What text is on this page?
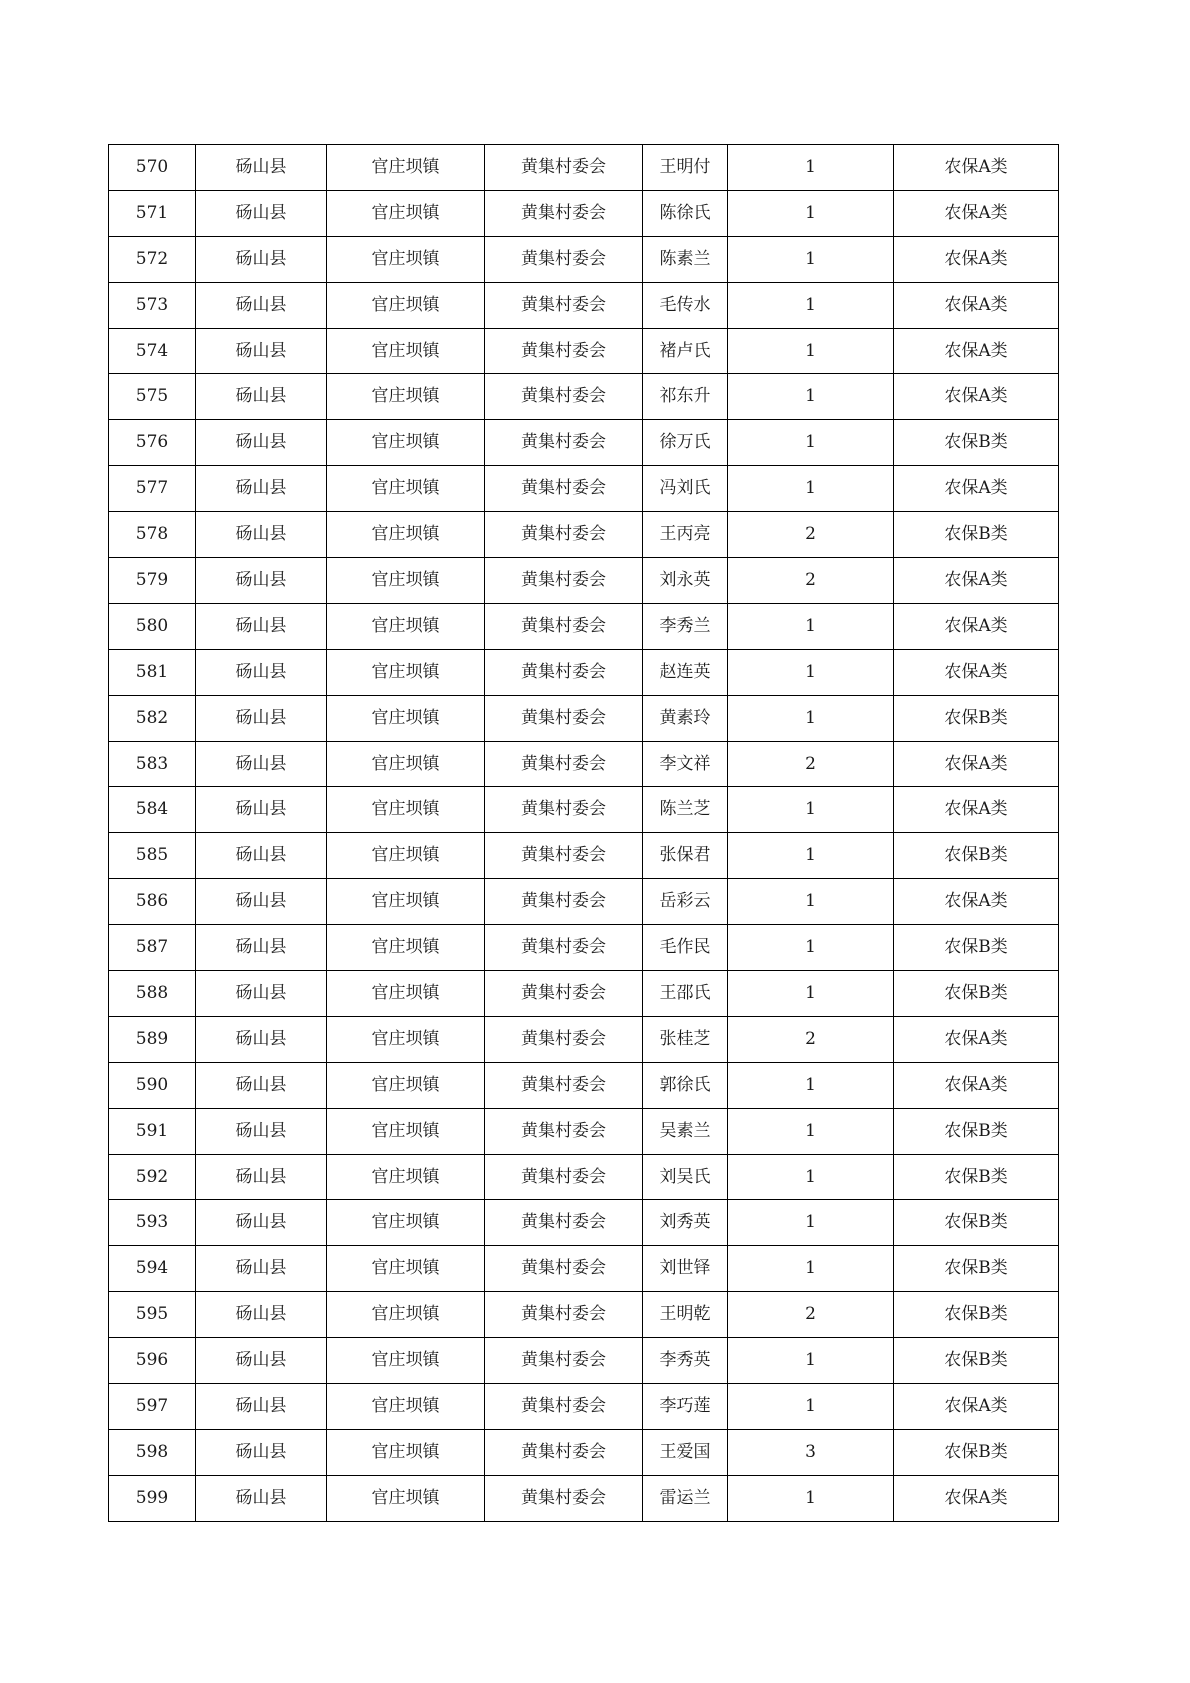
570	砀山县	官庄坝镇	黄集村委会	王明付	1	农保A类
571	砀山县	官庄坝镇	黄集村委会	陈徐氏	1	农保A类
572	砀山县	官庄坝镇	黄集村委会	陈素兰	1	农保A类
573	砀山县	官庄坝镇	黄集村委会	毛传水	1	农保A类
574	砀山县	官庄坝镇	黄集村委会	褚卢氏	1	农保A类
575	砀山县	官庄坝镇	黄集村委会	祁东升	1	农保A类
576	砀山县	官庄坝镇	黄集村委会	徐万氏	1	农保B类
577	砀山县	官庄坝镇	黄集村委会	冯刘氏	1	农保A类
578	砀山县	官庄坝镇	黄集村委会	王丙亮	2	农保B类
579	砀山县	官庄坝镇	黄集村委会	刘永英	2	农保A类
580	砀山县	官庄坝镇	黄集村委会	李秀兰	1	农保A类
581	砀山县	官庄坝镇	黄集村委会	赵连英	1	农保A类
582	砀山县	官庄坝镇	黄集村委会	黄素玲	1	农保B类
583	砀山县	官庄坝镇	黄集村委会	李文祥	2	农保A类
584	砀山县	官庄坝镇	黄集村委会	陈兰芝	1	农保A类
585	砀山县	官庄坝镇	黄集村委会	张保君	1	农保B类
586	砀山县	官庄坝镇	黄集村委会	岳彩云	1	农保A类
587	砀山县	官庄坝镇	黄集村委会	毛作民	1	农保B类
588	砀山县	官庄坝镇	黄集村委会	王邵氏	1	农保B类
589	砀山县	官庄坝镇	黄集村委会	张桂芝	2	农保A类
590	砀山县	官庄坝镇	黄集村委会	郭徐氏	1	农保A类
591	砀山县	官庄坝镇	黄集村委会	吴素兰	1	农保B类
592	砀山县	官庄坝镇	黄集村委会	刘吴氏	1	农保B类
593	砀山县	官庄坝镇	黄集村委会	刘秀英	1	农保B类
594	砀山县	官庄坝镇	黄集村委会	刘世铎	1	农保B类
595	砀山县	官庄坝镇	黄集村委会	王明乾	2	农保B类
596	砀山县	官庄坝镇	黄集村委会	李秀英	1	农保B类
597	砀山县	官庄坝镇	黄集村委会	李巧莲	1	农保A类
598	砀山县	官庄坝镇	黄集村委会	王爱国	3	农保B类
599	砀山县	官庄坝镇	黄集村委会	雷运兰	1	农保A类
